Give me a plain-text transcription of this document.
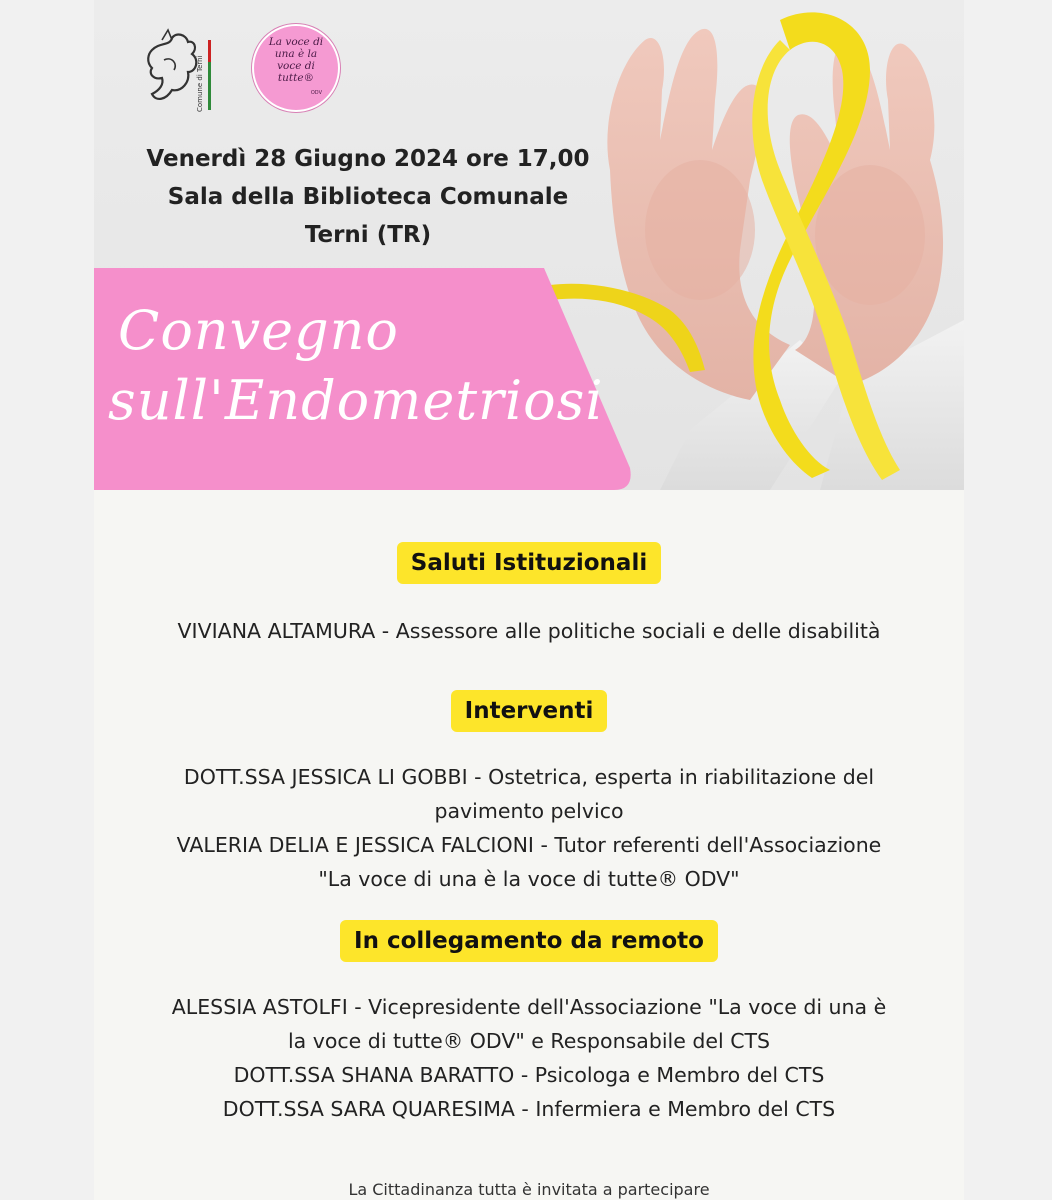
Comune di Terni
La voce di una è la voce di tutte®
ODV
Venerdì 28 Giugno 2024 ore 17,00
Sala della Biblioteca Comunale
Terni (TR)
Convegno
sull'Endometriosi
Saluti Istituzionali
VIVIANA ALTAMURA - Assessore alle politiche sociali e delle disabilità
Interventi
DOTT.SSA JESSICA LI GOBBI - Ostetrica, esperta in riabilitazione del
pavimento pelvico
VALERIA DELIA E JESSICA FALCIONI - Tutor referenti dell'Associazione
"La voce di una è la voce di tutte® ODV"
In collegamento da remoto
ALESSIA ASTOLFI - Vicepresidente dell'Associazione "La voce di una è
la voce di tutte® ODV" e Responsabile del CTS
DOTT.SSA SHANA BARATTO - Psicologa e Membro del CTS
DOTT.SSA SARA QUARESIMA - Infermiera e Membro del CTS
La Cittadinanza tutta è invitata a partecipare
